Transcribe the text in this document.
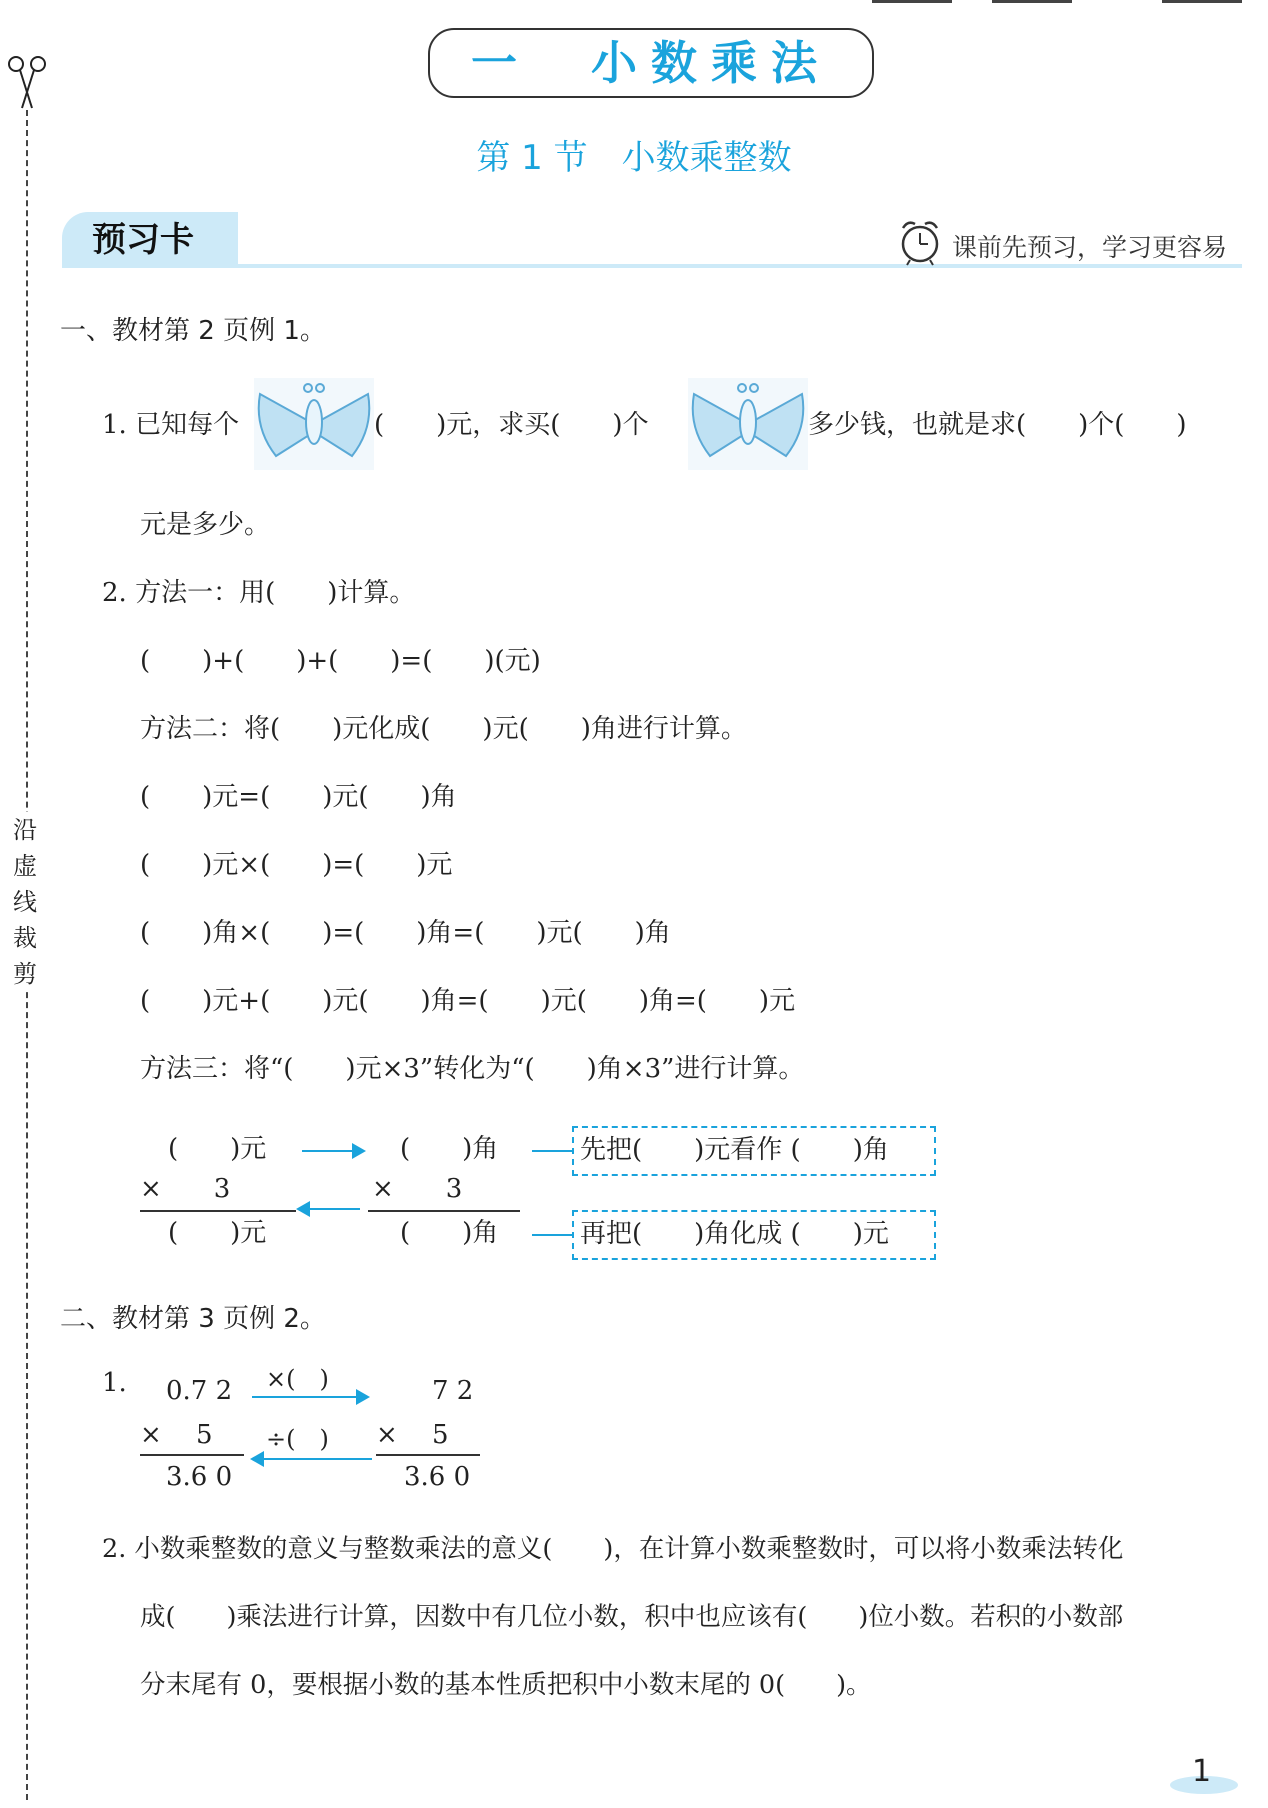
沿
虚
线
裁
剪
一　小数乘法
第 1 节　小数乘整数
预习卡	课前先预习，学习更容易
一、教材第 2 页例 1。
1. 已知每个	(　　)元，求买(　　)个	多少钱，也就是求(　　)个(　　)
元是多少。
2. 方法一：用(　　)计算。
(　　)+(　　)+(　　)=(　　)(元)
方法二：将(　　)元化成(　　)元(　　)角进行计算。
(　　)元=(　　)元(　　)角
(　　)元×(　　)=(　　)元
(　　)角×(　　)=(　　)角=(　　)元(　　)角
(　　)元+(　　)元(　　)角=(　　)元(　　)角=(　　)元
方法三：将“(　　)元×3”转化为“(　　)角×3”进行计算。
(　　)元	(　　)角	先把(　　)元看作 (　　)角
×　　3	×　　3
(　　)元	(　　)角	再把(　　)角化成 (　　)元
二、教材第 3 页例 2。
1. 0.7 2
×　 5
3.6 0
×(　)
÷(　)
7 2
×　 5
3.6 0
2. 小数乘整数的意义与整数乘法的意义(　　)，在计算小数乘整数时，可以将小数乘法转化
成(　　)乘法进行计算，因数中有几位小数，积中也应该有(　　)位小数。若积的小数部
分末尾有 0，要根据小数的基本性质把积中小数末尾的 0(　　)。
1
